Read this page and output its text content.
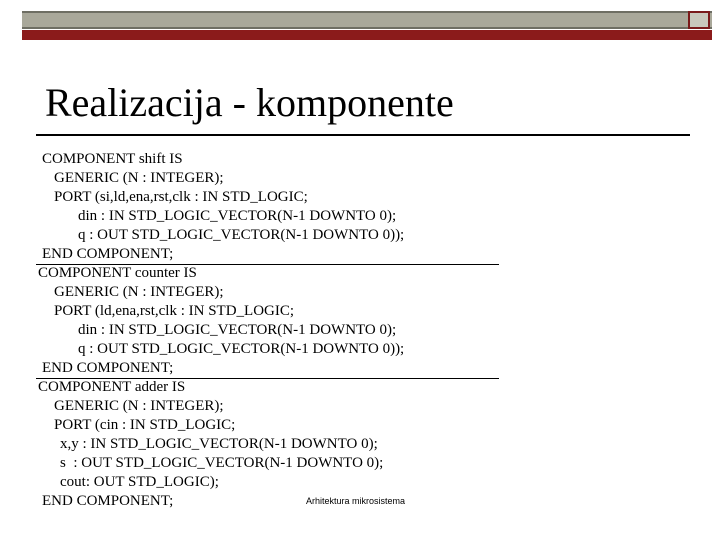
Realizacija - komponente
COMPONENT shift IS
GENERIC (N : INTEGER);
PORT (si,ld,ena,rst,clk : IN STD_LOGIC;
din : IN STD_LOGIC_VECTOR(N-1 DOWNTO 0);
q : OUT STD_LOGIC_VECTOR(N-1 DOWNTO 0));
END COMPONENT;
COMPONENT counter IS
GENERIC (N : INTEGER);
PORT (ld,ena,rst,clk : IN STD_LOGIC;
din : IN STD_LOGIC_VECTOR(N-1 DOWNTO 0);
q : OUT STD_LOGIC_VECTOR(N-1 DOWNTO 0));
END COMPONENT;
COMPONENT adder IS
GENERIC (N : INTEGER);
PORT (cin : IN STD_LOGIC;
x,y : IN STD_LOGIC_VECTOR(N-1 DOWNTO 0);
s  : OUT STD_LOGIC_VECTOR(N-1 DOWNTO 0);
cout: OUT STD_LOGIC);
END COMPONENT;	Arhitektura mikrosistema
